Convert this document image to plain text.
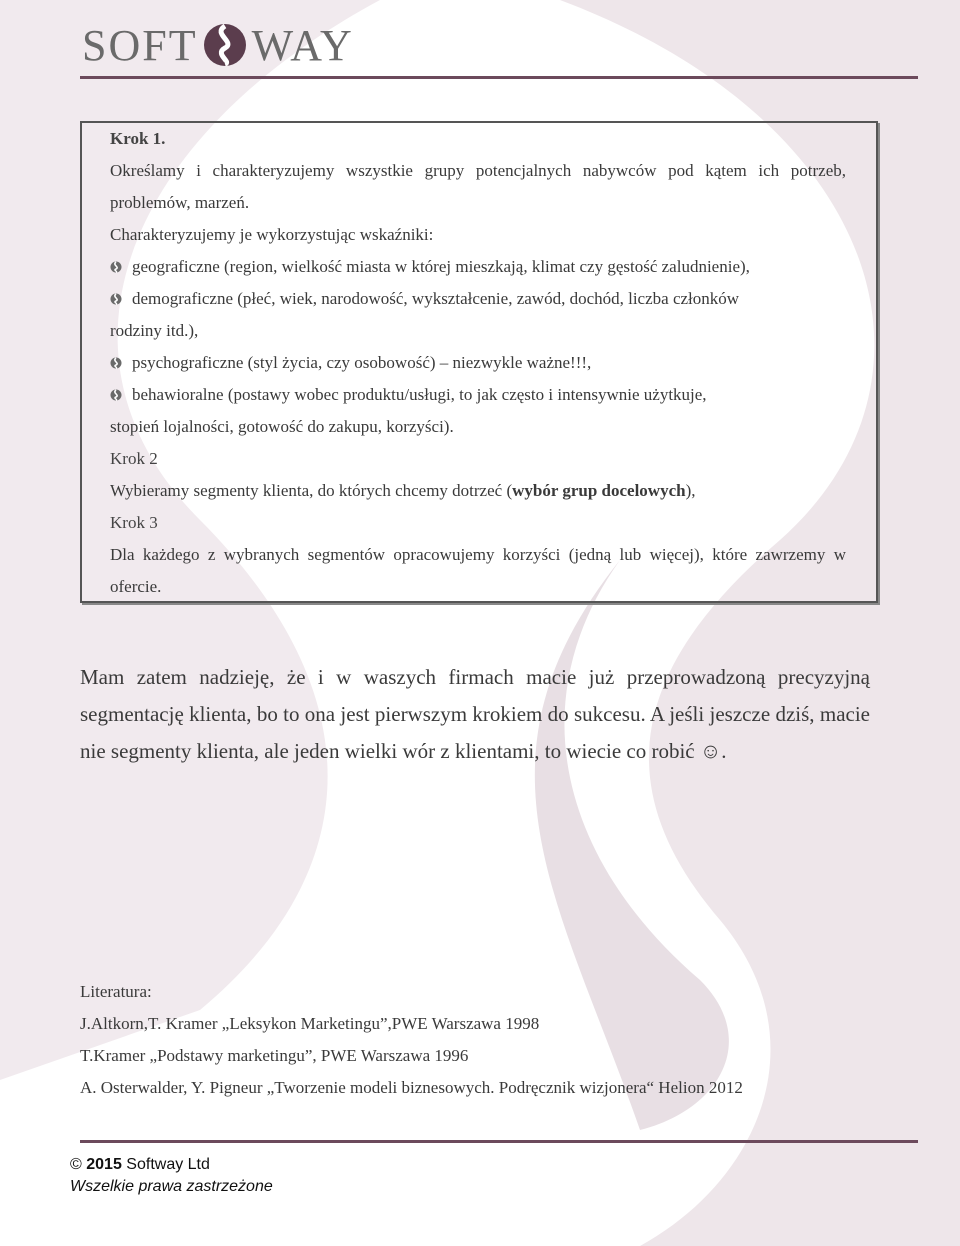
SOFT WAY

Krok 1.

Określamy i charakteryzujemy wszystkie grupy potencjalnych nabywców pod kątem ich potrzeb, problemów, marzeń.

Charakteryzujemy je wykorzystując wskaźniki:

geograficzne (region, wielkość miasta w której mieszkają, klimat czy gęstość zaludnienie),

demograficzne (płeć, wiek, narodowość, wykształcenie, zawód, dochód, liczba członków

rodziny itd.),

psychograficzne (styl życia, czy osobowość) – niezwykle ważne!!!,

behawioralne (postawy wobec produktu/usługi, to jak często i intensywnie użytkuje,

stopień lojalności, gotowość do zakupu, korzyści).

Krok 2

Wybieramy segmenty klienta, do których chcemy dotrzeć (wybór grup docelowych),

Krok 3

Dla każdego z wybranych segmentów opracowujemy korzyści (jedną lub więcej), które zawrzemy w ofercie.

Mam zatem nadzieję, że i w waszych firmach macie już przeprowadzoną precyzyjną segmentację klienta, bo to ona jest pierwszym krokiem do sukcesu. A jeśli jeszcze dziś, macie nie segmenty klienta, ale jeden wielki wór z klientami, to wiecie co robić ☺.

Literatura:
J.Altkorn,T. Kramer „Leksykon Marketingu”,PWE Warszawa 1998
T.Kramer „Podstawy marketingu”, PWE Warszawa 1996
A. Osterwalder, Y. Pigneur „Tworzenie modeli biznesowych. Podręcznik wizjonera“ Helion 2012
© 2015 Softway Ltd
Wszelkie prawa zastrzeżone
